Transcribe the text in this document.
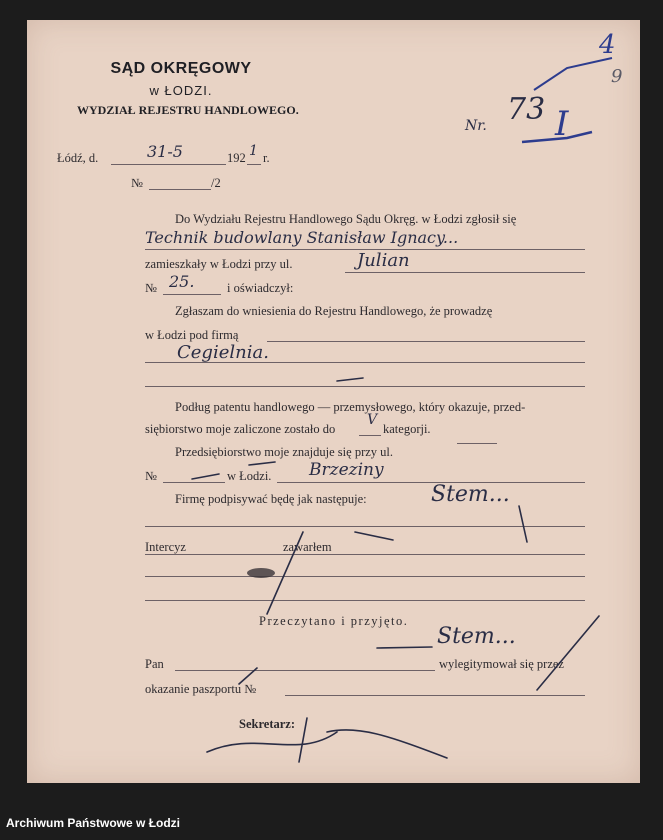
SĄD OKRĘGOWY
w ŁODZI.
WYDZIAŁ REJESTRU HANDLOWEGO.
Nr. 73 I
4
9
Łódź, d.	31-5	192 1 r.
№	/2
Do Wydziału Rejestru Handlowego Sądu Okręg. w Łodzi zgłosił się
Technik budowlany Stanisław Ignacy...
zamieszkały w Łodzi przy ul.	Julian
№ 25.	i oświadczył:
Zgłaszam do wniesienia do Rejestru Handlowego, że prowadzę
w Łodzi pod firmą
Cegielnia.
Podług patentu handlowego — przemysłowego, który okazuje, przed-
siębiorstwo moje zaliczone zostało do
V
kategorji.
Przedsiębiorstwo moje znajduje się przy ul.
№	w Łodzi. Brzeziny
Firmę podpisywać będę jak następuje:	Stem...
Intercyz	zawarłem
Przeczytano i przyjęto.
Pan	wylegitymował się przez
Stem...
okazanie paszportu №
Sekretarz:
Archiwum Państwowe w Łodzi
